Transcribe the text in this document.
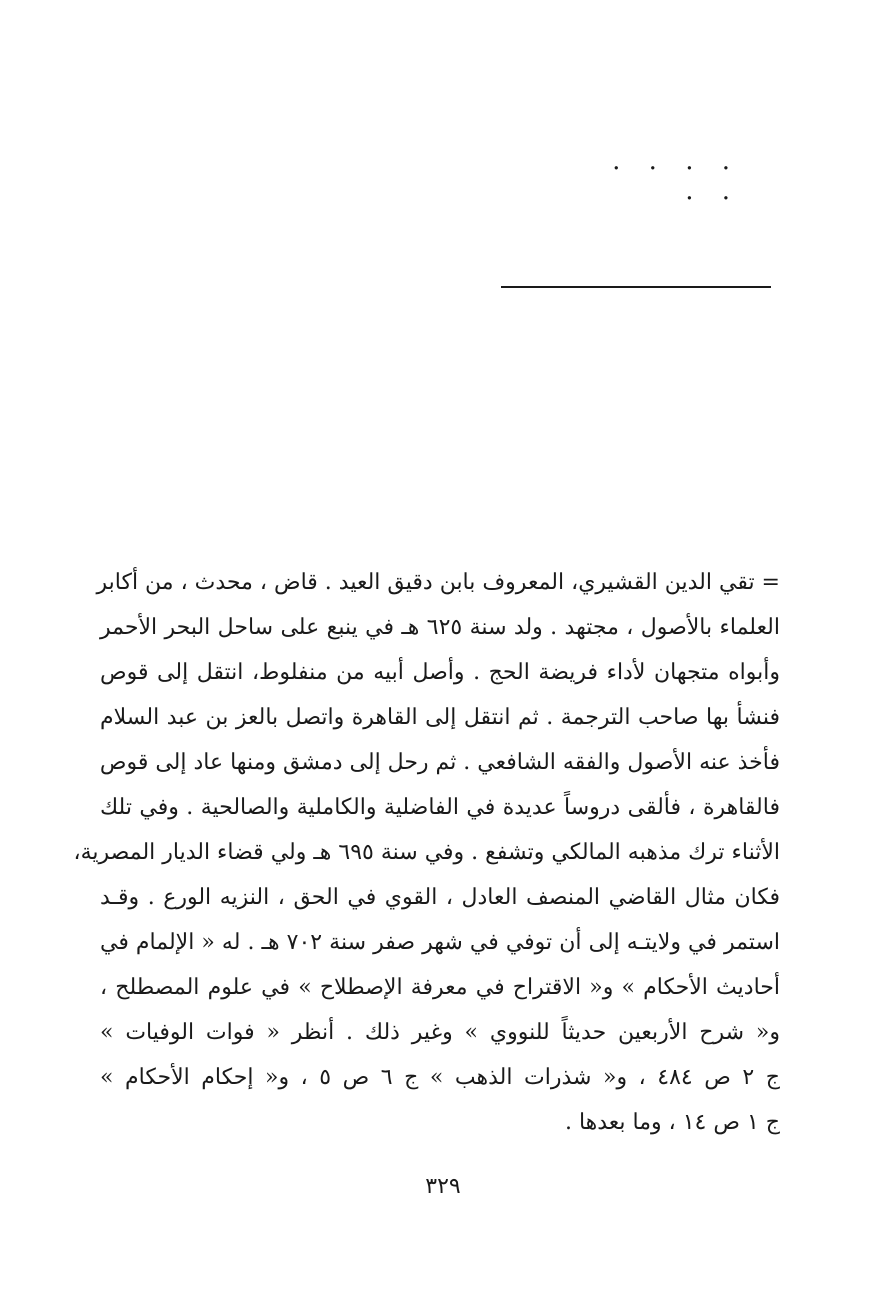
. . . . . .
= تقي الدين القشيري، المعروف بابن دقيق العيد . قاض ، محدث ، من أكابر
العلماء بالأصول ، مجتهد . ولد سنة ٦٢٥ هـ في ينبع على ساحل البحر الأحمر
وأبواه متجهان لأداء فريضة الحج . وأصل أبيه من منفلوط، انتقل إلى قوص
فنشأ بها صاحب الترجمة . ثم انتقل إلى القاهرة واتصل بالعز بن عبد السلام
فأخذ عنه الأصول والفقه الشافعي . ثم رحل إلى دمشق ومنها عاد إلى قوص
فالقاهرة ، فألقى دروساً عديدة في الفاضلية والكاملية والصالحية . وفي تلك
الأثناء ترك مذهبه المالكي وتشفع . وفي سنة ٦٩٥ هـ ولي قضاء الديار المصرية،
فكان مثال القاضي المنصف العادل ، القوي في الحق ، النزيه الورع . وقـد
استمر في ولايتـه إلى أن توفي في شهر صفر سنة ٧٠٢ هـ . له « الإلمام في
أحاديث الأحكام » و« الاقتراح في معرفة الإصطلاح » في علوم المصطلح ،
و« شرح الأربعين حديثاً للنووي » وغير ذلك . أنظر « فوات الوفيات »
ج ٢ ص ٤٨٤ ، و« شذرات الذهب » ج ٦ ص ٥ ، و« إحكام الأحكام »
ج ١ ص ١٤ ، وما بعدها .
٣٢٩
